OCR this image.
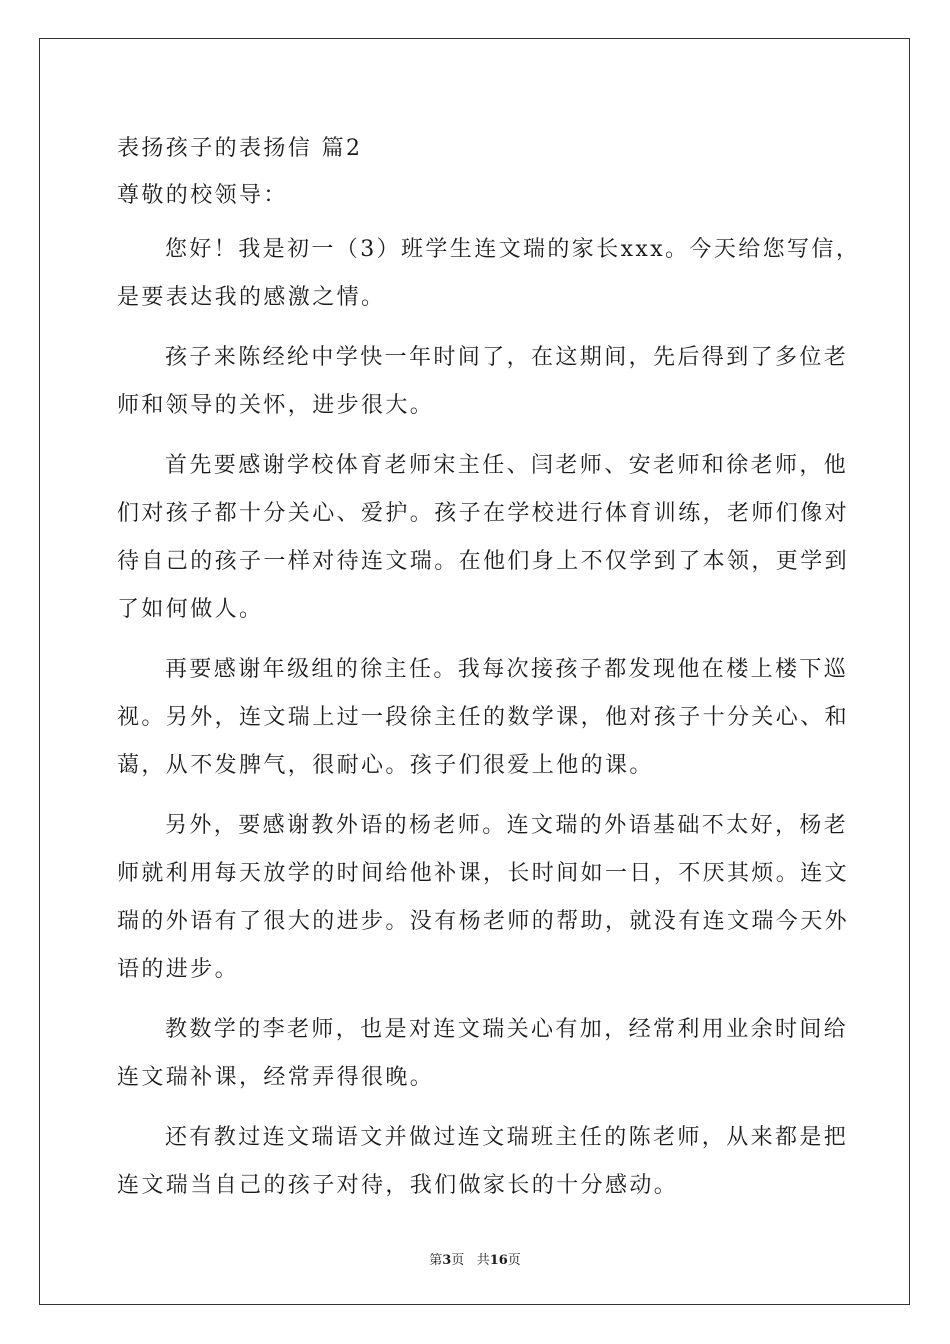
表扬孩子的表扬信 篇2
尊敬的校领导：
您好！我是初一（3）班学生连文瑞的家长xxx。今天给您写信，
是要表达我的感激之情。
孩子来陈经纶中学快一年时间了，在这期间，先后得到了多位老
师和领导的关怀，进步很大。
首先要感谢学校体育老师宋主任、闫老师、安老师和徐老师，他
们对孩子都十分关心、爱护。孩子在学校进行体育训练，老师们像对
待自己的孩子一样对待连文瑞。在他们身上不仅学到了本领，更学到
了如何做人。
再要感谢年级组的徐主任。我每次接孩子都发现他在楼上楼下巡
视。另外，连文瑞上过一段徐主任的数学课，他对孩子十分关心、和
蔼，从不发脾气，很耐心。孩子们很爱上他的课。
另外，要感谢教外语的杨老师。连文瑞的外语基础不太好，杨老
师就利用每天放学的时间给他补课，长时间如一日，不厌其烦。连文
瑞的外语有了很大的进步。没有杨老师的帮助，就没有连文瑞今天外
语的进步。
教数学的李老师，也是对连文瑞关心有加，经常利用业余时间给
连文瑞补课，经常弄得很晚。
还有教过连文瑞语文并做过连文瑞班主任的陈老师，从来都是把
连文瑞当自己的孩子对待，我们做家长的十分感动。
第3页 共16页
